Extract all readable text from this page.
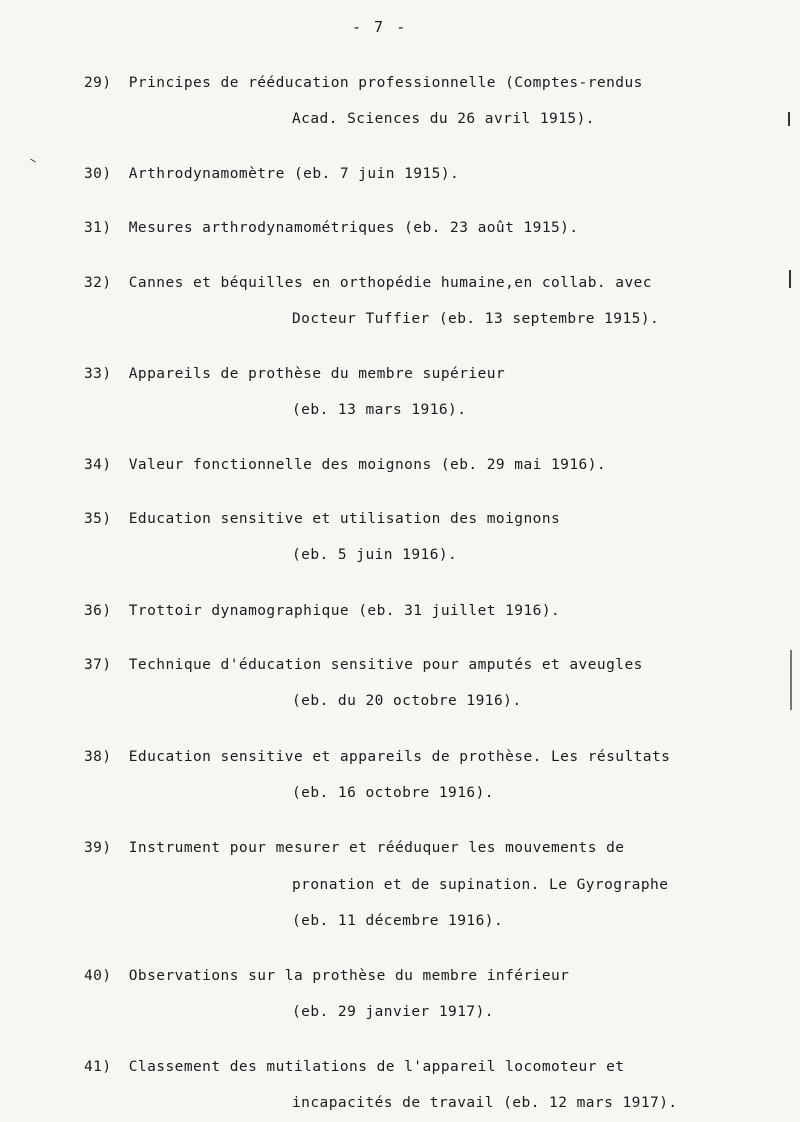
- 7 -
29) Principes de rééducation professionnelle (Comptes-rendus
Acad. Sciences du 26 avril 1915).
30) Arthrodynamomètre (eb. 7 juin 1915).
31) Mesures arthrodynamométriques (eb. 23 août 1915).
32) Cannes et béquilles en orthopédie humaine,en collab. avec
Docteur Tuffier (eb. 13 septembre 1915).
33) Appareils de prothèse du membre supérieur
(eb. 13 mars 1916).
34) Valeur fonctionnelle des moignons (eb. 29 mai 1916).
35) Education sensitive et utilisation des moignons
(eb. 5 juin 1916).
36) Trottoir dynamographique (eb. 31 juillet 1916).
37) Technique d'éducation sensitive pour amputés et aveugles
(eb. du 20 octobre 1916).
38) Education sensitive et appareils de prothèse. Les résultats
(eb. 16 octobre 1916).
39) Instrument pour mesurer et rééduquer les mouvements de
pronation et de supination. Le Gyrographe
(eb. 11 décembre 1916).
40) Observations sur la prothèse du membre inférieur
(eb. 29 janvier 1917).
41) Classement des mutilations de l'appareil locomoteur et
incapacités de travail (eb. 12 mars 1917).
